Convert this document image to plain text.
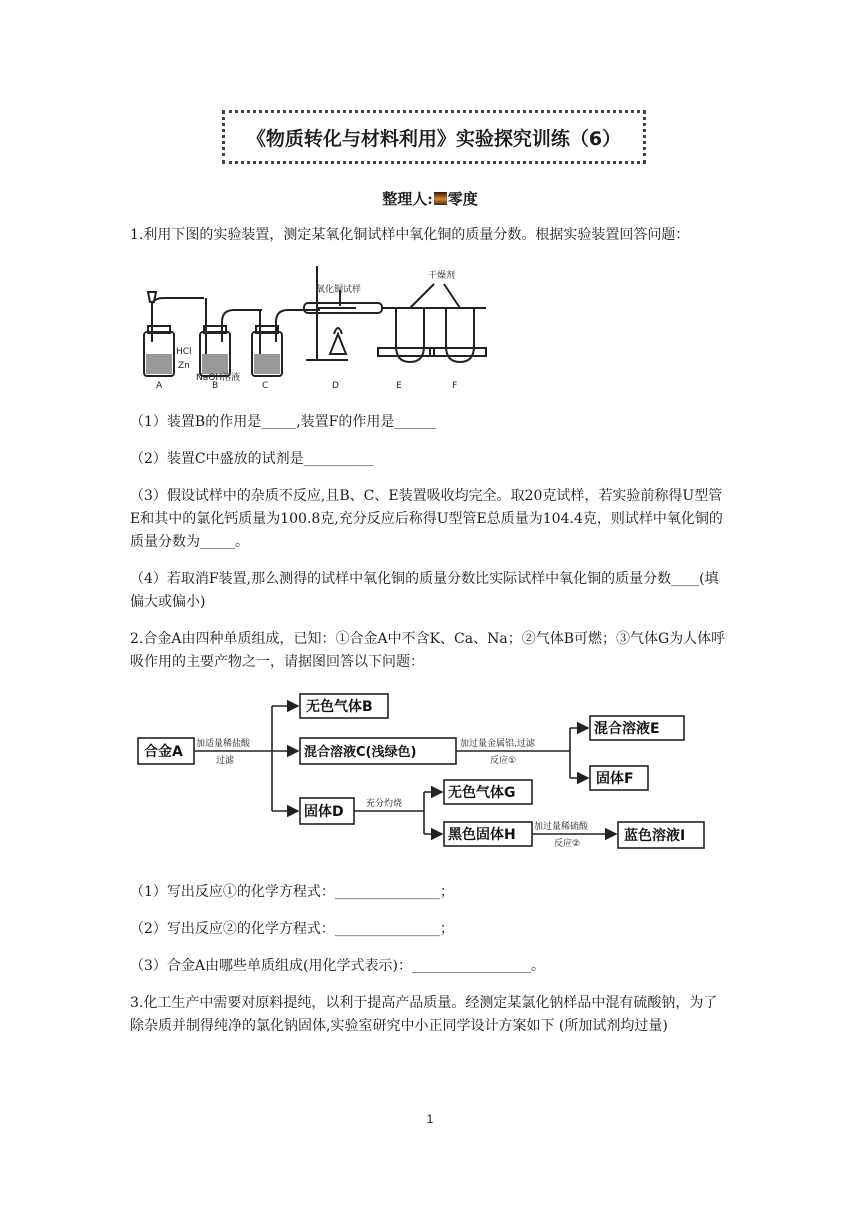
《物质转化与材料利用》实验探究训练（6）
整理人: 零度

1.利用下图的实验装置，测定某氧化铜试样中氧化铜的质量分数。根据实验装置回答问题：

氧化铜试样
干燥剂
HCl
Zn
NaOH溶液
A	B	C	D	E	F

（1）装置B的作用是_____,装置F的作用是______

（2）装置C中盛放的试剂是__________

（3）假设试样中的杂质不反应,且B、C、E装置吸收均完全。取20克试样，若实验前称得U型管E和其中的氯化钙质量为100.8克,充分反应后称得U型管E总质量为104.4克，则试样中氧化铜的质量分数为_____。

（4）若取消F装置,那么测得的试样中氧化铜的质量分数比实际试样中氧化铜的质量分数____(填偏大或偏小)

2.合金A由四种单质组成，已知：①合金A中不含K、Ca、Na；②气体B可燃；③气体G为人体呼吸作用的主要产物之一，请据图回答以下问题：

合金A
无色气体B
混合溶液C(浅绿色)
固体D
混合溶液E
固体F
无色气体G
黑色固体H	蓝色溶液I
加适量稀盐酸
过滤
加过量金属铝,过滤
反应①
充分灼烧
加过量稀硫酸
反应②

（1）写出反应①的化学方程式：_______________；

（2）写出反应②的化学方程式：_______________；

（3）合金A由哪些单质组成(用化学式表示)：_________________。

3.化工生产中需要对原料提纯，以利于提高产品质量。经测定某氯化钠样品中混有硫酸钠，为了除杂质并制得纯净的氯化钠固体,实验室研究中小正同学设计方案如下 (所加试剂均过量)

1
